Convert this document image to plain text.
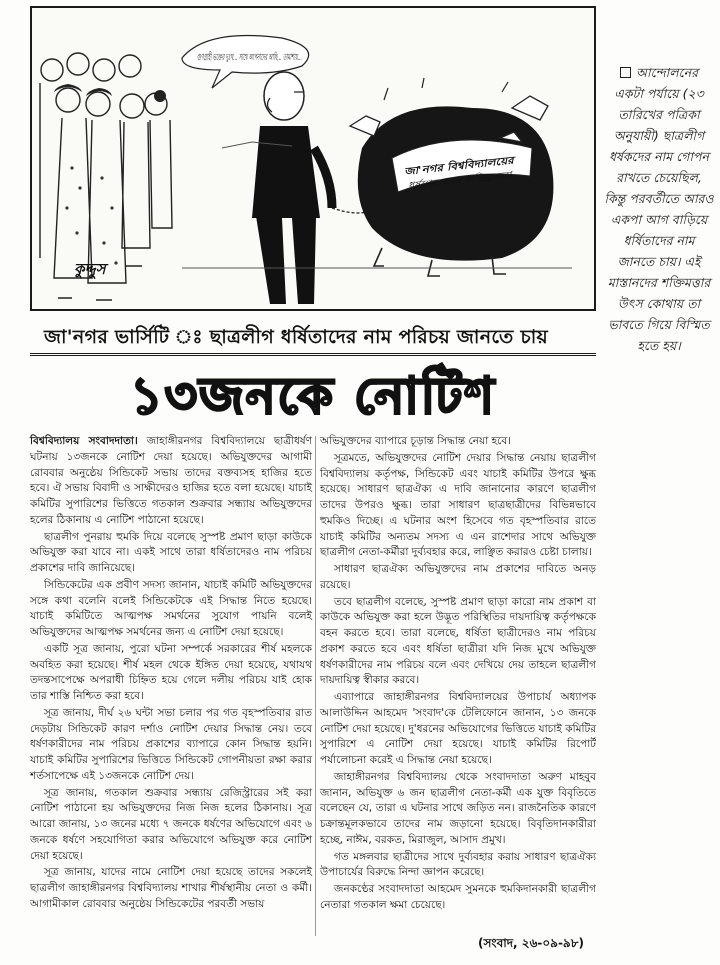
জা'নগর বিশ্ববিদ্যালয়ের
ধর্ষণের দায়ে অভিযুক্তরা
কুদ্দুস
আন্দোলনের একটা পর্যায়ে (২৩ তারিখের পত্রিকা অনুযায়ী) ছাত্রলীগ ধর্ষকদের নাম গোপন রাখতে চেয়েছিল, কিন্তু পরবর্তীতে আরও একপা আগ বাড়িয়ে ধর্ষিতাদের নাম জানতে চায়। এই মাস্তানদের শক্তিমত্তার উৎস কোথায় তা ভাবতে গিয়ে বিস্মিত হতে হয়।
জা'নগর ভার্সিটি ঃ ছাত্রলীগ ধর্ষিতাদের নাম পরিচয় জানতে চায়
১৩জনকে নোটিশ

বিশ্ববিদ্যালয় সংবাদদাতা। জাহাঙ্গীরনগর বিশ্ববিদ্যালয়ে ছাত্রীধর্ষণ ঘটনায় ১৩জনকে নোটিশ দেয়া হয়েছে। অভিযুক্তদের আগামী রোববার অনুষ্ঠেয় সিন্ডিকেট সভায় তাদের বক্তব্যসহ হাজির হতে হবে। ঐ সভায় বিবাদী ও সাক্ষীদেরও হাজির হতে বলা হয়েছে। যাচাই কমিটির সুপারিশের ভিত্তিতে গতকাল শুক্রবার সন্ধ্যায় অভিযুক্তদের হলের ঠিকানায় এ নোটিশ পাঠানো হয়েছে।

ছাত্রলীগ পুনরায় হুমকি দিয়ে বলেছে সুস্পষ্ট প্রমাণ ছাড়া কাউকে অভিযুক্ত করা যাবে না। একই সাথে তারা ধর্ষিতাদেরও নাম পরিচয় প্রকাশের দাবি জানিয়েছে।

সিন্ডিকেটের এক প্রবীণ সদস্য জানান, যাচাই কমিটি অভিযুক্তদের সঙ্গে কথা বলেনি বলেই সিন্ডিকেটকে এই সিদ্ধান্ত নিতে হয়েছে। যাচাই কমিটিতে আত্মপক্ষ সমর্থনের সুযোগ পায়নি বলেই অভিযুক্তদের আত্মপক্ষ সমর্থনের জন্য এ নোটিশ দেয়া হয়েছে।

একটি সূত্র জানায়, পুরো ঘটনা সম্পর্কে সরকারের শীর্ষ মহলকে অবহিত করা হয়েছে। শীর্ষ মহল থেকে ইঙ্গিত দেয়া হয়েছে, যথাযথ তদন্তসাপেক্ষে অপরাধী চিহ্নিত হয়ে গেলে দলীয় পরিচয় যাই হোক তার শাস্তি নিশ্চিত করা হবে।

সূত্র জানায়, দীর্ঘ ২৬ ঘন্টা সভা চলার পর গত বৃহস্পতিবার রাত দেড়টায় সিন্ডিকেট কারণ দর্শাও নোটিশ দেয়ার সিদ্ধান্ত নেয়। তবে ধর্ষণকারীদের নাম পরিচয় প্রকাশের ব্যাপারে কোন সিদ্ধান্ত হয়নি। যাচাই কমিটির সুপারিশের ভিত্তিতে সিন্ডিকেট গোপনীয়তা রক্ষা করার শর্তসাপেক্ষে এই ১৩জনকে নোটিশ দেয়।

সূত্র জানায়, গতকাল শুক্রবার সন্ধ্যায় রেজিস্ট্রারের সই করা নোটিশ পাঠানো হয় অভিযুক্তদের নিজ নিজ হলের ঠিকানায়। সূত্র আরো জানায়, ১৩ জনের মধ্যে ৭ জনকে ধর্ষণের অভিযোগে এবং ৬ জনকে ধর্ষণে সহযোগিতা করার অভিযোগে অভিযুক্ত করে নোটিশ দেয়া হয়েছে।

সূত্র জানায়, যাদের নামে নোটিশ দেয়া হয়েছে তাদের সকলেই ছাত্রলীগ জাহাঙ্গীরনগর বিশ্ববিদ্যালয় শাখার শীর্ষস্থানীয় নেতা ও কর্মী। আগামীকাল রোববার অনুষ্ঠেয় সিন্ডিকেটের পরবর্তী সভায়

অভিযুক্তদের ব্যাপারে চূড়ান্ত সিদ্ধান্ত নেয়া হবে।

সূত্রমতে, অভিযুক্তদের নোটিশ দেয়ার সিদ্ধান্ত নেয়ায় ছাত্রলীগ বিশ্ববিদ্যালয় কর্তৃপক্ষ, সিন্ডিকেট এবং যাচাই কমিটির উপরে ক্ষুব্ধ হয়েছে। সাধারণ ছাত্রঐক্য এ দাবি জানানোর কারণে ছাত্রলীগ তাদের উপরও ক্ষুব্ধ। তারা সাধারণ ছাত্রছাত্রীদের বিভিন্নভাবে হুমকিও দিচ্ছে। এ ঘটনার অংশ হিসেবে গত বৃহস্পতিবার রাতে যাচাই কমিটির অন্যতম সদস্য এ এন রাশেদার সাথে অভিযুক্ত ছাত্রলীগ নেতা-কর্মীরা দুর্ব্যবহার করে, লাঞ্ছিত করারও চেষ্টা চালায়।

সাধারণ ছাত্রঐক্য অভিযুক্তদের নাম প্রকাশের দাবিতে অনড় রয়েছে।

তবে ছাত্রলীগ বলেছে, সুস্পষ্ট প্রমাণ ছাড়া কারো নাম প্রকাশ বা কাউকে অভিযুক্ত করা হলে উদ্ভূত পরিস্থিতির দায়দায়িত্ব কর্তৃপক্ষকে বহন করতে হবে। তারা বলেছে, ধর্ষিতা ছাত্রীদেরও নাম পরিচয় প্রকাশ করতে হবে এবং ধর্ষিতা ছাত্রীরা যদি নিজ মুখে অভিযুক্ত ধর্ষণকারীদের নাম পরিচয় বলে এবং দেখিয়ে দেয় তাহলে ছাত্রলীগ দায়দায়িত্ব স্বীকার করবে।

এব্যাপারে জাহাঙ্গীরনগর বিশ্ববিদ্যালয়ের উপাচার্য অধ্যাপক আলাউদ্দিন আহমেদ 'সংবাদ'কে টেলিফোনে জানান, ১৩ জনকে নোটিশ দেয়া হয়েছে। দু'ধরনের অভিযোগের ভিত্তিতে যাচাই কমিটির সুপারিশে এ নোটিশ দেয়া হয়েছে। যাচাই কমিটির রিপোর্ট পর্যালোচনা করেই এ সিদ্ধান্ত নেয়া হয়েছে।

জাহাঙ্গীরনগর বিশ্ববিদ্যালয় থেকে সংবাদদাতা অরুণ মাহবুব জানান, অভিযুক্ত ৬ জন ছাত্রলীগ নেতা-কর্মী এক যুক্ত বিবৃতিতে বলেছেন যে, তারা এ ঘটনার সাথে জড়িত নন। রাজনৈতিক কারণে চক্রান্তমূলকভাবে তাদের নাম জড়ানো হয়েছে। বিবৃতিদানকারীরা হচ্ছে, নাঈম, বরকত, মিরাজুল, আসাদ প্রমুখ।

গত মঙ্গলবার ছাত্রীদের সাথে দুর্ব্যবহার করায় সাধারণ ছাত্রঐক্য উপাচার্যের বিরুদ্ধে নিন্দা জ্ঞাপন করেছে।

জনকণ্ঠের সংবাদদাতা আহমেদ সুমনকে হুমকিদানকারী ছাত্রলীগ নেতারা গতকাল ক্ষমা চেয়েছে।

(সংবাদ, ২৬-০৯-৯৮)
